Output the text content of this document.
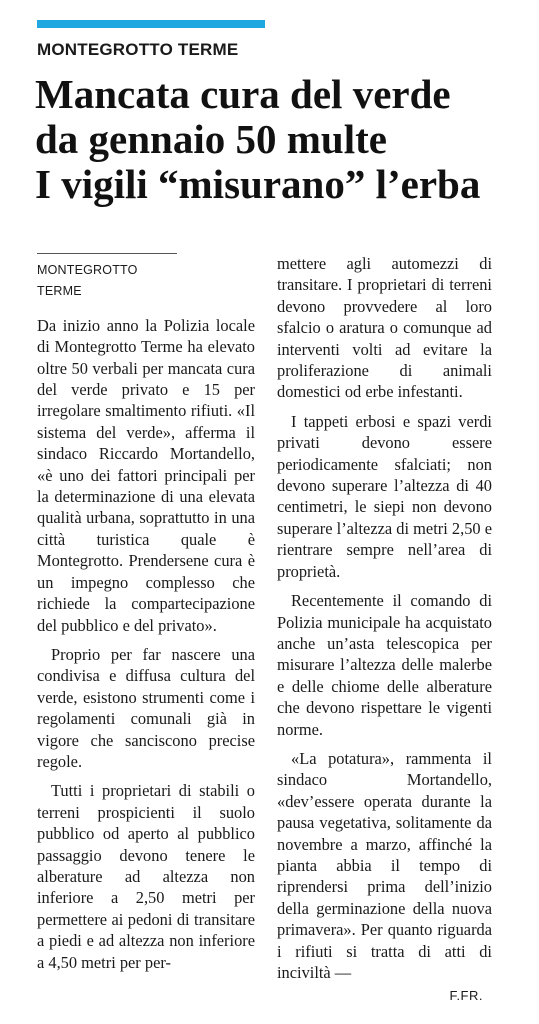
MONTEGROTTO TERME
Mancata cura del verde
da gennaio 50 multe
I vigili “misurano” l’erba
MONTEGROTTO TERME

Da inizio anno la Polizia locale di Montegrotto Terme ha elevato oltre 50 verbali per mancata cura del verde privato e 15 per irregolare smaltimento rifiuti. «Il sistema del verde», afferma il sindaco Riccardo Mortandello, «è uno dei fattori principali per la determinazione di una elevata qualità urbana, soprattutto in una città turistica quale è Montegrotto. Prendersene cura è un impegno complesso che richiede la compartecipazione del pubblico e del privato».

Proprio per far nascere una condivisa e diffusa cultura del verde, esistono strumenti come i regolamenti comunali già in vigore che sanciscono precise regole.

Tutti i proprietari di stabili o terreni prospicienti il suolo pubblico od aperto al pubblico passaggio devono tenere le alberature ad altezza non inferiore a 2,50 metri per permettere ai pedoni di transitare a piedi e ad altezza non inferiore a 4,50 metri per per-

mettere agli automezzi di transitare. I proprietari di terreni devono provvedere al loro sfalcio o aratura o comunque ad interventi volti ad evitare la proliferazione di animali domestici od erbe infestanti.

I tappeti erbosi e spazi verdi privati devono essere periodicamente sfalciati; non devono superare l’altezza di 40 centimetri, le siepi non devono superare l’altezza di metri 2,50 e rientrare sempre nell’area di proprietà.

Recentemente il comando di Polizia municipale ha acquistato anche un’asta telescopica per misurare l’altezza delle malerbe e delle chiome delle alberature che devono rispettare le vigenti norme.

«La potatura», rammenta il sindaco Mortandello, «dev’essere operata durante la pausa vegetativa, solitamente da novembre a marzo, affinché la pianta abbia il tempo di riprendersi prima dell’inizio della germinazione della nuova primavera». Per quanto riguarda i rifiuti si tratta di atti di inciviltà —

F.FR.
